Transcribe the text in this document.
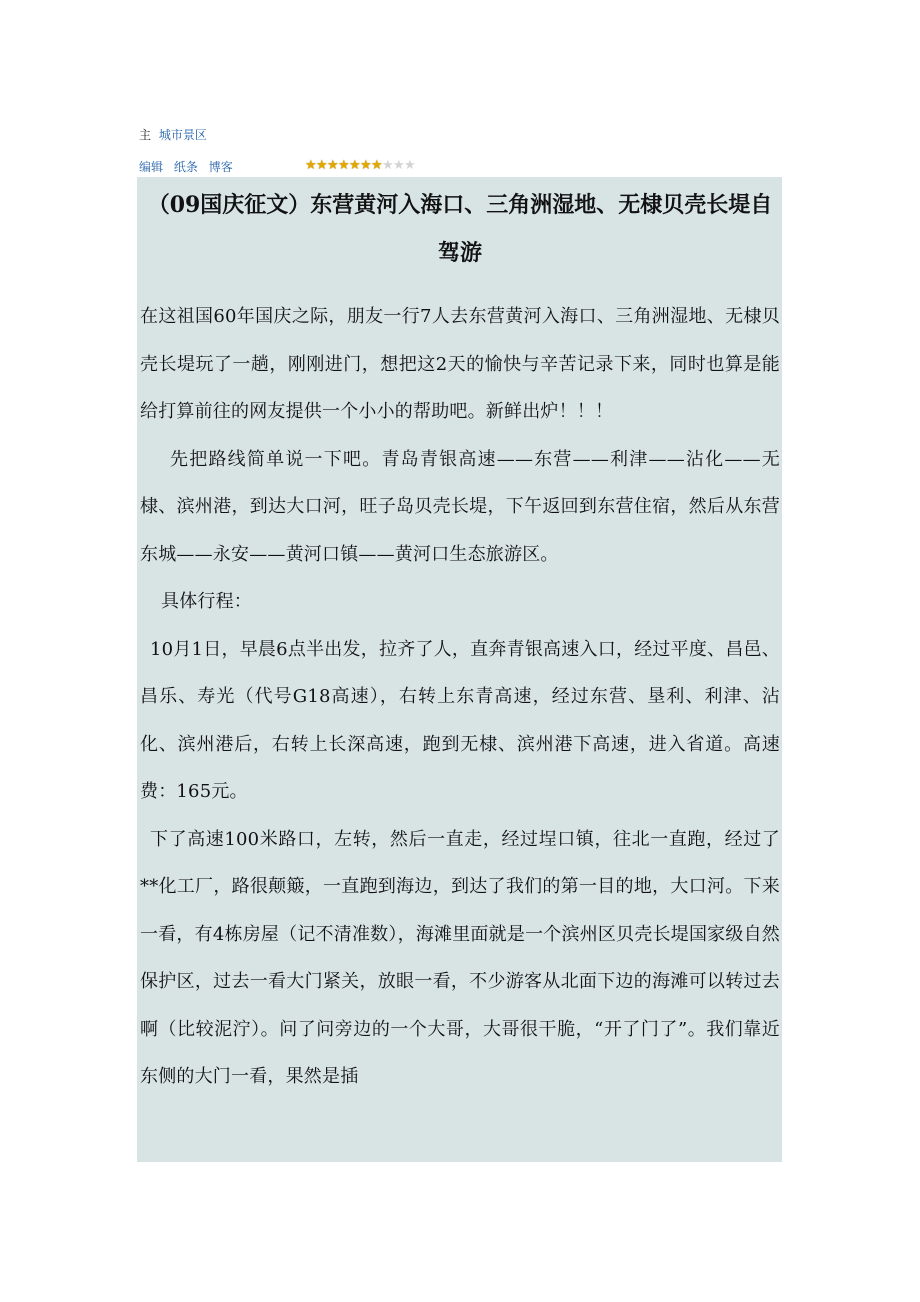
主 城市景区
编辑 纸条 博客	★ ★ ★ ★ ★ ★ ★ ★ ★ ★
（09国庆征文）东营黄河入海口、三角洲湿地、无棣贝壳长堤自驾游

在这祖国60年国庆之际，朋友一行7人去东营黄河入海口、三角洲湿地、无棣贝壳长堤玩了一趟，刚刚进门，想把这2天的愉快与辛苦记录下来，同时也算是能给打算前往的网友提供一个小小的帮助吧。新鲜出炉！！！

先把路线简单说一下吧。青岛青银高速——东营——利津——沾化——无棣、滨州港，到达大口河，旺子岛贝壳长堤，下午返回到东营住宿，然后从东营东城——永安——黄河口镇——黄河口生态旅游区。

具体行程：

10月1日，早晨6点半出发，拉齐了人，直奔青银高速入口，经过平度、昌邑、昌乐、寿光（代号G18高速），右转上东青高速，经过东营、垦利、利津、沾化、滨州港后，右转上长深高速，跑到无棣、滨州港下高速，进入省道。高速费：165元。

下了高速100米路口，左转，然后一直走，经过埕口镇，往北一直跑，经过了**化工厂，路很颠簸，一直跑到海边，到达了我们的第一目的地，大口河。下来一看，有4栋房屋（记不清准数），海滩里面就是一个滨州区贝壳长堤国家级自然保护区，过去一看大门紧关，放眼一看，不少游客从北面下边的海滩可以转过去啊（比较泥泞）。问了问旁边的一个大哥，大哥很干脆，“开了门了”。我们靠近东侧的大门一看，果然是插
